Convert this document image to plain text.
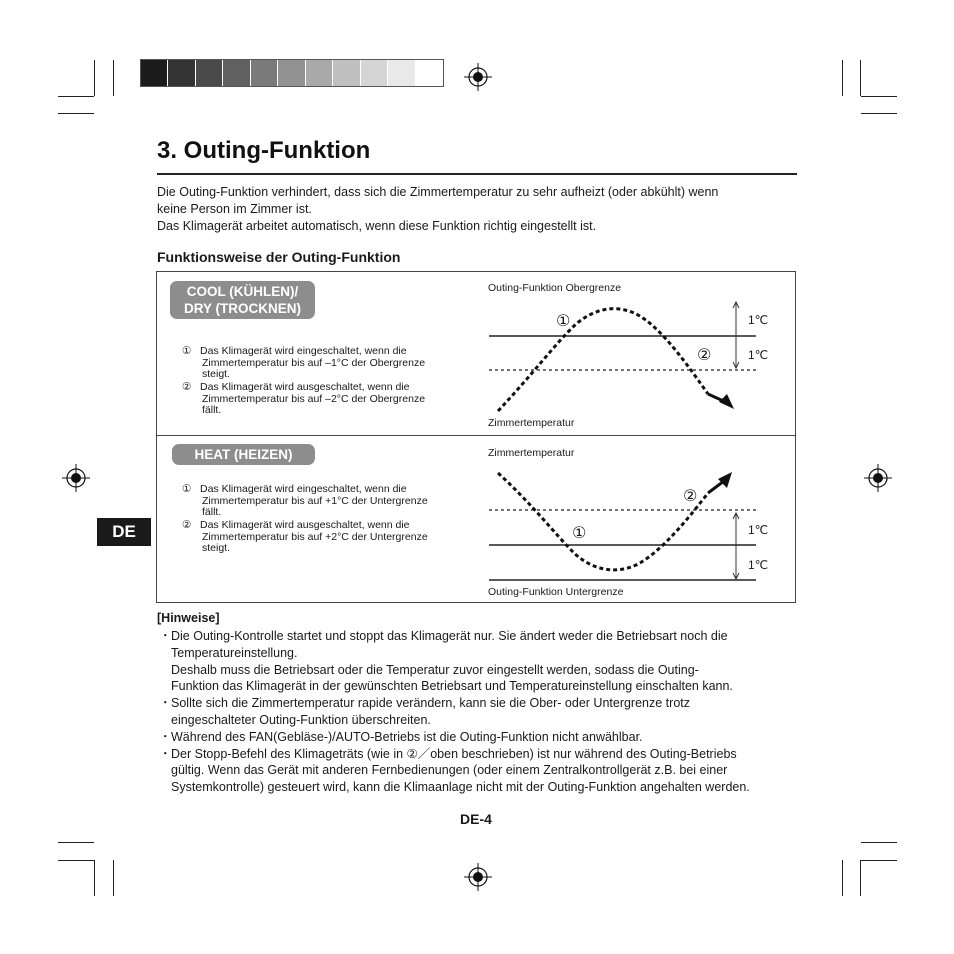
3. Outing-Funktion
Die Outing-Funktion verhindert, dass sich die Zimmertemperatur zu sehr aufheizt (oder abkühlt) wenn
keine Person im Zimmer ist.
Das Klimagerät arbeitet automatisch, wenn diese Funktion richtig eingestellt ist.
Funktionsweise der Outing-Funktion
COOL (KÜHLEN)/
DRY (TROCKNEN)
① Das Klimagerät wird eingeschaltet, wenn die
Zimmertemperatur bis auf –1°C der Obergrenze
steigt.
② Das Klimagerät wird ausgeschaltet, wenn die
Zimmertemperatur bis auf –2°C der Obergrenze
fällt.
Outing-Funktion Obergrenze
Zimmertemperatur
①
②
1℃
1℃
HEAT (HEIZEN)
① Das Klimagerät wird eingeschaltet, wenn die
Zimmertemperatur bis auf +1°C der Untergrenze
fällt.
② Das Klimagerät wird ausgeschaltet, wenn die
Zimmertemperatur bis auf +2°C der Untergrenze
steigt.
Zimmertemperatur
Outing-Funktion Untergrenze
①
②
1℃
1℃
DE
[Hinweise]
・ Die Outing-Kontrolle startet und stoppt das Klimagerät nur. Sie ändert weder die Betriebsart noch die
Temperatureinstellung.
Deshalb muss die Betriebsart oder die Temperatur zuvor eingestellt werden, sodass die Outing-
Funktion das Klimagerät in der gewünschten Betriebsart und Temperatureinstellung einschalten kann.
・ Sollte sich die Zimmertemperatur rapide verändern, kann sie die Ober- oder Untergrenze trotz
eingeschalteter Outing-Funktion überschreiten.
・ Während des FAN(Gebläse-)/AUTO-Betriebs ist die Outing-Funktion nicht anwählbar.
・ Der Stopp-Befehl des Klimageträts (wie in ②／oben beschrieben) ist nur während des Outing-Betriebs
gültig. Wenn das Gerät mit anderen Fernbedienungen (oder einem Zentralkontrollgerät z.B. bei einer
Systemkontrolle) gesteuert wird, kann die Klimaanlage nicht mit der Outing-Funktion angehalten werden.
DE-4
